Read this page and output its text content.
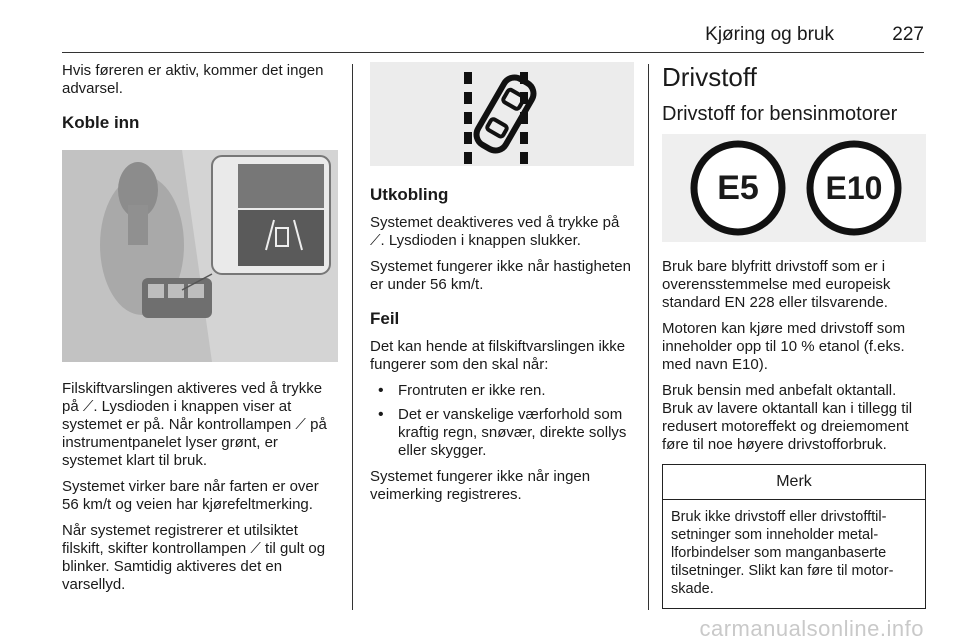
Kjøring og bruk	227

Hvis føreren er aktiv, kommer det ingen advarsel.

Koble inn

Filskiftvarslingen aktiveres ved å trykke på ⟋. Lysdioden i knappen viser at systemet er på. Når kontrollampen ⟋ på instrumentpanelet lyser grønt, er systemet klart til bruk.

Systemet virker bare når farten er over 56 km/t og veien har kjørefeltmerking.

Når systemet registrerer et utilsiktet filskift, skifter kontrollampen ⟋ til gult og blinker. Samtidig aktiveres det en varsellyd.

Utkobling

Systemet deaktiveres ved å trykke på ⟋. Lysdioden i knappen slukker.

Systemet fungerer ikke når hastigheten er under 56 km/t.

Feil

Det kan hende at filskiftvarslingen ikke fungerer som den skal når:

• Frontruten er ikke ren.
• Det er vanskelige værforhold som kraftig regn, snøvær, direkte sollys eller skygger.

Systemet fungerer ikke når ingen veimerking registreres.

Drivstoff
Drivstoff for bensinmotorer
E5	E10

Bruk bare blyfritt drivstoff som er i overensstemmelse med europeisk standard EN 228 eller tilsvarende.

Motoren kan kjøre med drivstoff som inneholder opp til 10 % etanol (f.eks. med navn E10).

Bruk bensin med anbefalt oktantall. Bruk av lavere oktantall kan i tillegg til redusert motoreffekt og dreiemoment føre til noe høyere drivstofforbruk.

Merk
Bruk ikke drivstoff eller drivstofftilsetninger som inneholder metallforbindelser som manganbaserte tilsetninger. Slikt kan føre til motorskade.
carmanualsonline.info
